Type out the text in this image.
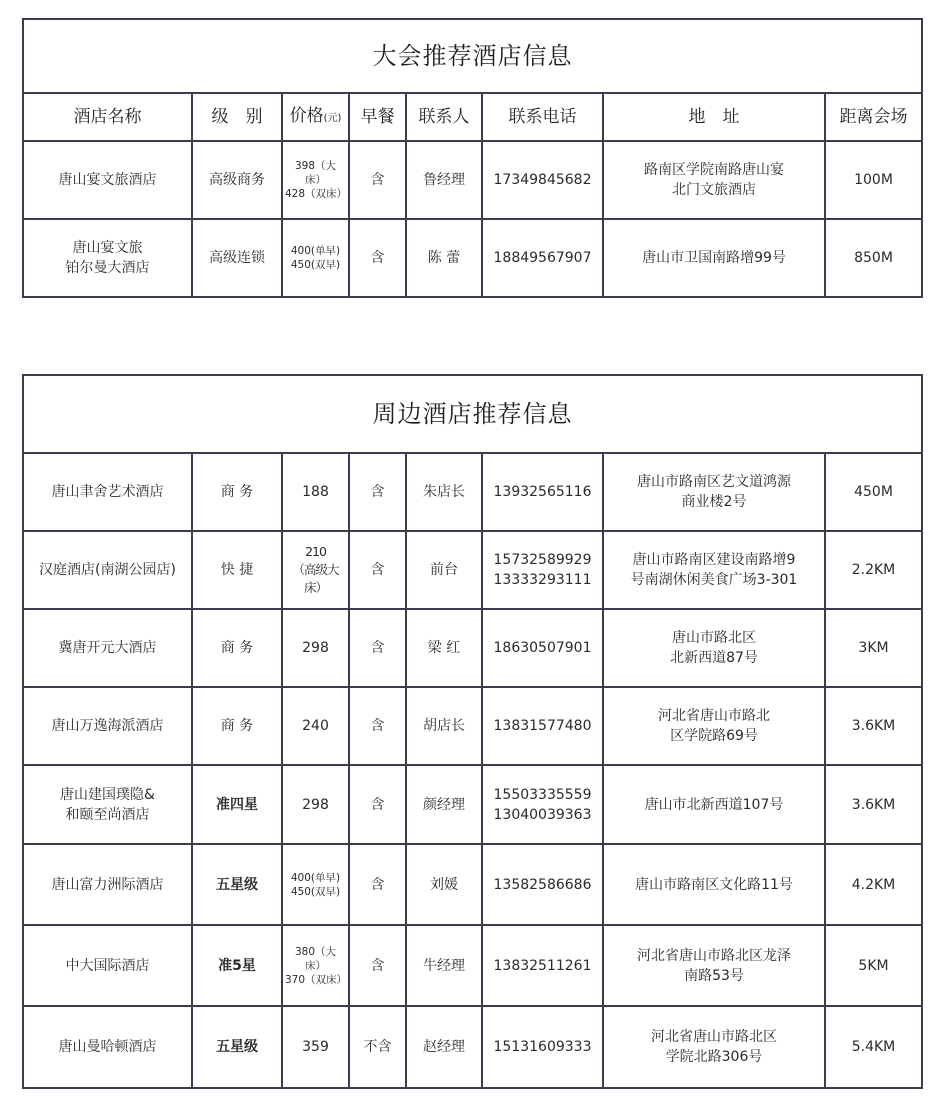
大会推荐酒店信息							
酒店名称	级　别	价格(元)	早餐	联系人	联系电话	地　址	距离会场
唐山宴文旅酒店	高级商务	398（大床）
428（双床）	含	鲁经理	17349845682	路南区学院南路唐山宴
北门文旅酒店	100M
唐山宴文旅
铂尔曼大酒店	高级连锁	400(单早)
450(双早)	含	陈 蕾	18849567907	唐山市卫国南路增99号	850M
周边酒店推荐信息							
唐山聿舍艺术酒店	商 务	188	含	朱店长	13932565116	唐山市路南区艺文道鸿源
商业楼2号	450M
汉庭酒店(南湖公园店)	快 捷	210
（高级大床）	含	前台	15732589929
13333293111	唐山市路南区建设南路增9
号南湖休闲美食广场3-301	2.2KM
冀唐开元大酒店	商 务	298	含	梁 红	18630507901	唐山市路北区
北新西道87号	3KM
唐山万逸海派酒店	商 务	240	含	胡店长	13831577480	河北省唐山市路北
区学院路69号	3.6KM
唐山建国璞隐&
和颐至尚酒店	准四星	298	含	颜经理	15503335559
13040039363	唐山市北新西道107号	3.6KM
唐山富力洲际酒店	五星级	400(单早)
450(双早)	含	刘媛	13582586686	唐山市路南区文化路11号	4.2KM
中大国际酒店	准5星	380（大床）
370（双床）	含	牛经理	13832511261	河北省唐山市路北区龙泽
南路53号	5KM
唐山曼哈顿酒店	五星级	359	不含	赵经理	15131609333	河北省唐山市路北区
学院北路306号	5.4KM
